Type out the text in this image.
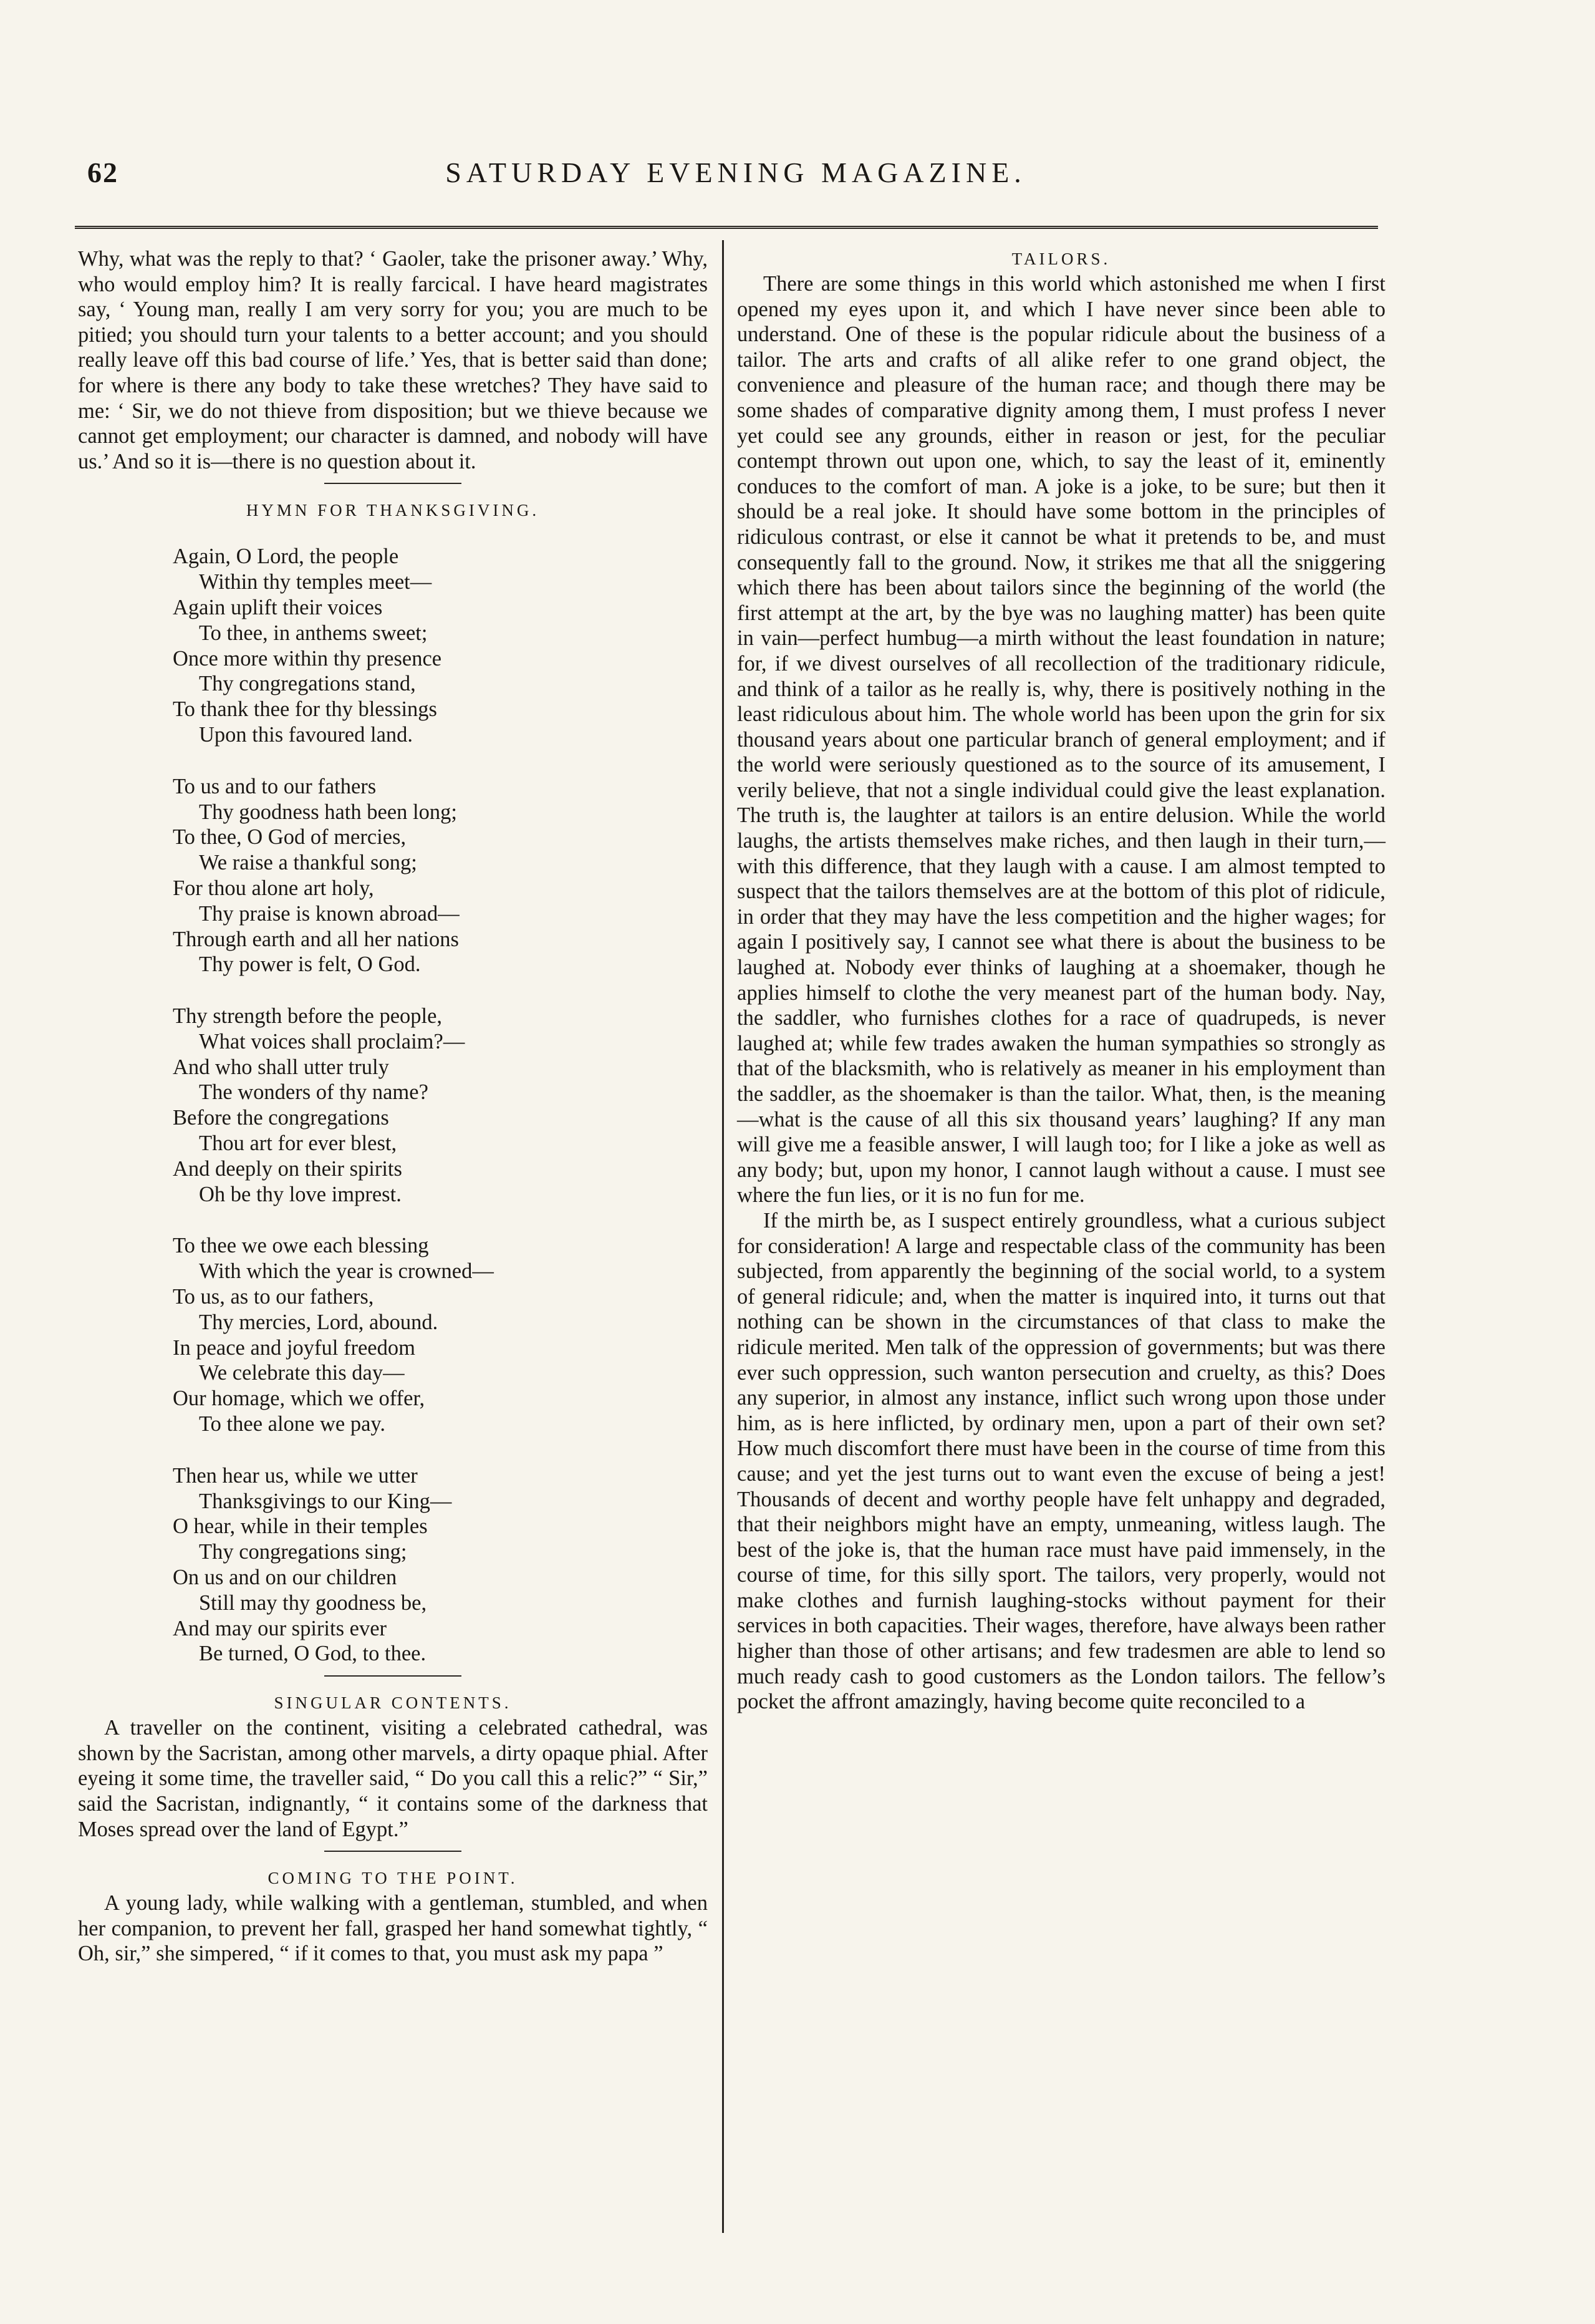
62	SATURDAY EVENING MAGAZINE.

Why, what was the reply to that? ‘ Gaoler, take the prisoner away.’ Why, who would employ him? It is really farcical. I have heard magistrates say, ‘ Young man, really I am very sorry for you; you are much to be pitied; you should turn your talents to a better account; and you should really leave off this bad course of life.’ Yes, that is better said than done; for where is there any body to take these wretches? They have said to me: ‘ Sir, we do not thieve from disposition; but we thieve because we cannot get employment; our character is damned, and nobody will have us.’ And so it is—there is no question about it.

HYMN FOR THANKSGIVING.
Again, O Lord, the people
Within thy temples meet—
Again uplift their voices
To thee, in anthems sweet;
Once more within thy presence
Thy congregations stand,
To thank thee for thy blessings
Upon this favoured land.
To us and to our fathers
Thy goodness hath been long;
To thee, O God of mercies,
We raise a thankful song;
For thou alone art holy,
Thy praise is known abroad—
Through earth and all her nations
Thy power is felt, O God.
Thy strength before the people,
What voices shall proclaim?—
And who shall utter truly
The wonders of thy name?
Before the congregations
Thou art for ever blest,
And deeply on their spirits
Oh be thy love imprest.
To thee we owe each blessing
With which the year is crowned—
To us, as to our fathers,
Thy mercies, Lord, abound.
In peace and joyful freedom
We celebrate this day—
Our homage, which we offer,
To thee alone we pay.
Then hear us, while we utter
Thanksgivings to our King—
O hear, while in their temples
Thy congregations sing;
On us and on our children
Still may thy goodness be,
And may our spirits ever
Be turned, O God, to thee.
SINGULAR CONTENTS.

A traveller on the continent, visiting a celebrated cathedral, was shown by the Sacristan, among other marvels, a dirty opaque phial. After eyeing it some time, the traveller said, “ Do you call this a relic?” “ Sir,” said the Sacristan, indignantly, “ it contains some of the darkness that Moses spread over the land of Egypt.”

COMING TO THE POINT.

A young lady, while walking with a gentleman, stumbled, and when her companion, to prevent her fall, grasped her hand somewhat tightly, “ Oh, sir,” she simpered, “ if it comes to that, you must ask my papa ”

TAILORS.

There are some things in this world which astonished me when I first opened my eyes upon it, and which I have never since been able to understand. One of these is the popular ridicule about the business of a tailor. The arts and crafts of all alike refer to one grand object, the convenience and pleasure of the human race; and though there may be some shades of comparative dignity among them, I must profess I never yet could see any grounds, either in reason or jest, for the peculiar contempt thrown out upon one, which, to say the least of it, eminently conduces to the comfort of man. A joke is a joke, to be sure; but then it should be a real joke. It should have some bottom in the principles of ridiculous contrast, or else it cannot be what it pretends to be, and must consequently fall to the ground. Now, it strikes me that all the sniggering which there has been about tailors since the beginning of the world (the first attempt at the art, by the bye was no laughing matter) has been quite in vain—perfect humbug—a mirth without the least foundation in nature; for, if we divest ourselves of all recollection of the traditionary ridicule, and think of a tailor as he really is, why, there is positively nothing in the least ridiculous about him. The whole world has been upon the grin for six thousand years about one particular branch of general employment; and if the world were seriously questioned as to the source of its amusement, I verily believe, that not a single individual could give the least explanation. The truth is, the laughter at tailors is an entire delusion. While the world laughs, the artists themselves make riches, and then laugh in their turn,—with this difference, that they laugh with a cause. I am almost tempted to suspect that the tailors themselves are at the bottom of this plot of ridicule, in order that they may have the less competition and the higher wages; for again I positively say, I cannot see what there is about the business to be laughed at. Nobody ever thinks of laughing at a shoemaker, though he applies himself to clothe the very meanest part of the human body. Nay, the saddler, who furnishes clothes for a race of quadrupeds, is never laughed at; while few trades awaken the human sympathies so strongly as that of the blacksmith, who is relatively as meaner in his employment than the saddler, as the shoemaker is than the tailor. What, then, is the meaning—what is the cause of all this six thousand years’ laughing? If any man will give me a feasible answer, I will laugh too; for I like a joke as well as any body; but, upon my honor, I cannot laugh without a cause. I must see where the fun lies, or it is no fun for me.

If the mirth be, as I suspect entirely groundless, what a curious subject for consideration! A large and respectable class of the community has been subjected, from apparently the beginning of the social world, to a system of general ridicule; and, when the matter is inquired into, it turns out that nothing can be shown in the circumstances of that class to make the ridicule merited. Men talk of the oppression of governments; but was there ever such oppression, such wanton persecution and cruelty, as this? Does any superior, in almost any instance, inflict such wrong upon those under him, as is here inflicted, by ordinary men, upon a part of their own set? How much discomfort there must have been in the course of time from this cause; and yet the jest turns out to want even the excuse of being a jest! Thousands of decent and worthy people have felt unhappy and degraded, that their neighbors might have an empty, unmeaning, witless laugh. The best of the joke is, that the human race must have paid immensely, in the course of time, for this silly sport. The tailors, very properly, would not make clothes and furnish laughing-stocks without payment for their services in both capacities. Their wages, therefore, have always been rather higher than those of other artisans; and few tradesmen are able to lend so much ready cash to good customers as the London tailors. The fellow’s pocket the affront amazingly, having become quite reconciled to a
